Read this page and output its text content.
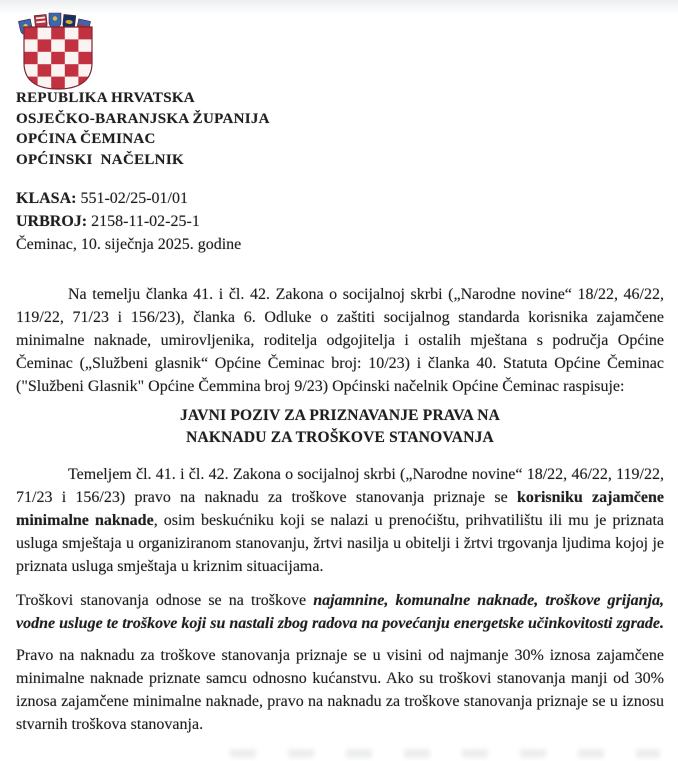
REPUBLIKA HRVATSKA
OSJEČKO-BARANJSKA ŽUPANIJA
OPĆINA ČEMINAC
OPĆINSKI  NAČELNIK
KLASA: 551-02/25-01/01
URBROJ: 2158-11-02-25-1
Čeminac, 10. siječnja 2025. godine

Na temelju članka 41. i čl. 42. Zakona o socijalnoj skrbi („Narodne novine“ 18/22, 46/22, 119/22, 71/23 i 156/23), članka 6. Odluke o zaštiti socijalnog standarda korisnika zajamčene minimalne naknade, umirovljenika, roditelja odgojitelja i ostalih mještana s područja Općine Čeminac („Službeni glasnik“ Općine Čeminac broj: 10/23) i članka 40. Statuta Općine Čeminac ("Službeni Glasnik" Općine Čemmina broj 9/23) Općinski načelnik Općine Čeminac raspisuje:

JAVNI POZIV ZA PRIZNAVANJE PRAVA NA
NAKNADU ZA TROŠKOVE STANOVANJA

Temeljem čl. 41. i čl. 42. Zakona o socijalnoj skrbi („Narodne novine“ 18/22, 46/22, 119/22, 71/23 i 156/23) pravo na naknadu za troškove stanovanja priznaje se korisniku zajamčene minimalne naknade, osim beskućniku koji se nalazi u prenoćištu, prihvatilištu ili mu je priznata usluga smještaja u organiziranom stanovanju, žrtvi nasilja u obitelji i žrtvi trgovanja ljudima kojoj je priznata usluga smještaja u kriznim situacijama.

Troškovi stanovanja odnose se na troškove najamnine, komunalne naknade, troškove grijanja, vodne usluge te troškove koji su nastali zbog radova na povećanju energetske učinkovitosti zgrade.

Pravo na naknadu za troškove stanovanja priznaje se u visini od najmanje 30% iznosa zajamčene minimalne naknade priznate samcu odnosno kućanstvu. Ako su troškovi stanovanja manji od 30% iznosa zajamčene minimalne naknade, pravo na naknadu za troškove stanovanja priznaje se u iznosu stvarnih troškova stanovanja.
